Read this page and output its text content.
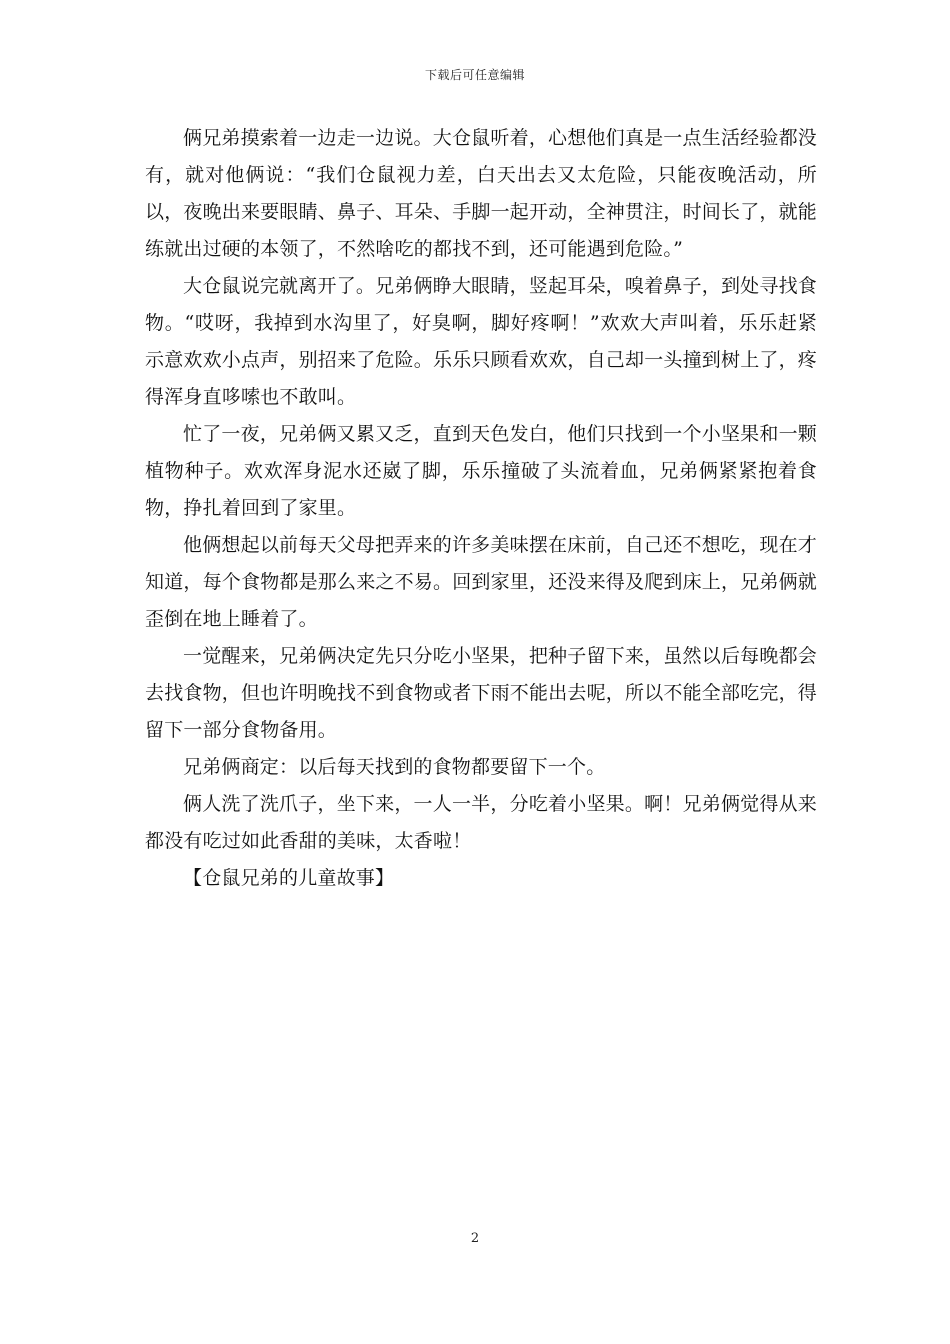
下载后可任意编辑

俩兄弟摸索着一边走一边说。大仓鼠听着，心想他们真是一点生活经验都没有，就对他俩说：“我们仓鼠视力差，白天出去又太危险，只能夜晚活动，所以，夜晚出来要眼睛、鼻子、耳朵、手脚一起开动，全神贯注，时间长了，就能练就出过硬的本领了，不然啥吃的都找不到，还可能遇到危险。”

大仓鼠说完就离开了。兄弟俩睁大眼睛，竖起耳朵，嗅着鼻子，到处寻找食物。“哎呀，我掉到水沟里了，好臭啊，脚好疼啊！”欢欢大声叫着，乐乐赶紧示意欢欢小点声，别招来了危险。乐乐只顾看欢欢，自己却一头撞到树上了，疼得浑身直哆嗦也不敢叫。

忙了一夜，兄弟俩又累又乏，直到天色发白，他们只找到一个小坚果和一颗植物种子。欢欢浑身泥水还崴了脚，乐乐撞破了头流着血，兄弟俩紧紧抱着食物，挣扎着回到了家里。

他俩想起以前每天父母把弄来的许多美味摆在床前，自己还不想吃，现在才知道，每个食物都是那么来之不易。回到家里，还没来得及爬到床上，兄弟俩就歪倒在地上睡着了。

一觉醒来，兄弟俩决定先只分吃小坚果，把种子留下来，虽然以后每晚都会去找食物，但也许明晚找不到食物或者下雨不能出去呢，所以不能全部吃完，得留下一部分食物备用。

兄弟俩商定：以后每天找到的食物都要留下一个。

俩人洗了洗爪子，坐下来，一人一半，分吃着小坚果。啊！兄弟俩觉得从来都没有吃过如此香甜的美味，太香啦！

【仓鼠兄弟的儿童故事】

2
